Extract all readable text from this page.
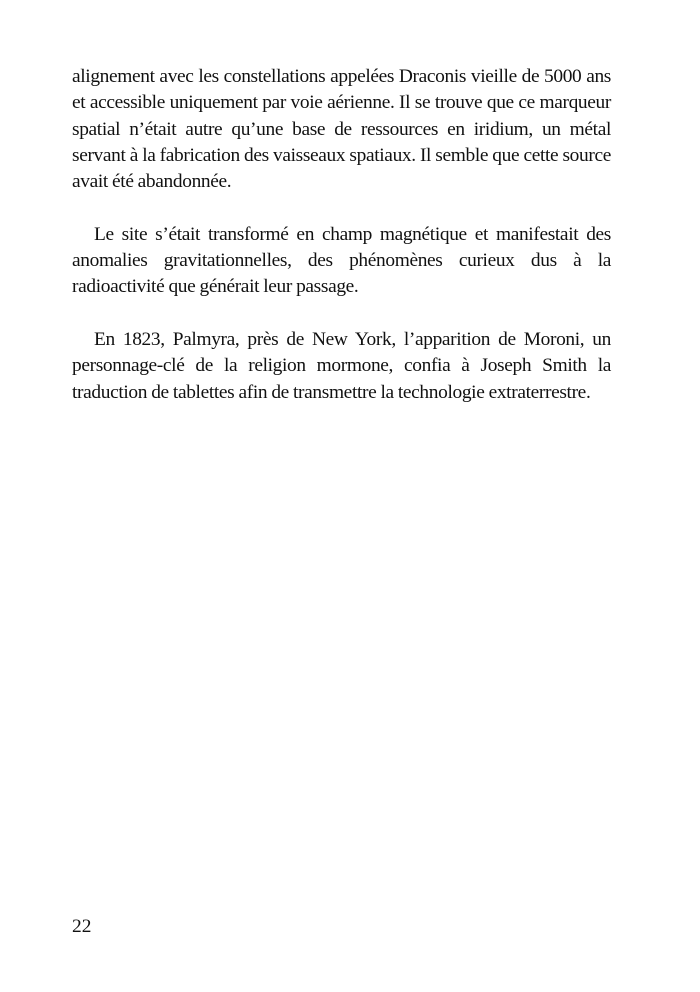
alignement avec les constellations appelées Draconis vieille de 5000 ans et accessible uniquement par voie aérienne. Il se trouve que ce marqueur spatial n’était autre qu’une base de ressources en iridium, un métal servant à la fabrication des vaisseaux spatiaux. Il semble que cette source avait été abandonnée.

Le site s’était transformé en champ magnétique et manifestait des anomalies gravitationnelles, des phénomènes curieux dus à la radioactivité que générait leur passage.

En 1823, Palmyra, près de New York, l’apparition de Moroni, un personnage-clé de la religion mormone, confia à Joseph Smith la traduction de tablettes afin de transmettre la technologie extraterrestre.

22
